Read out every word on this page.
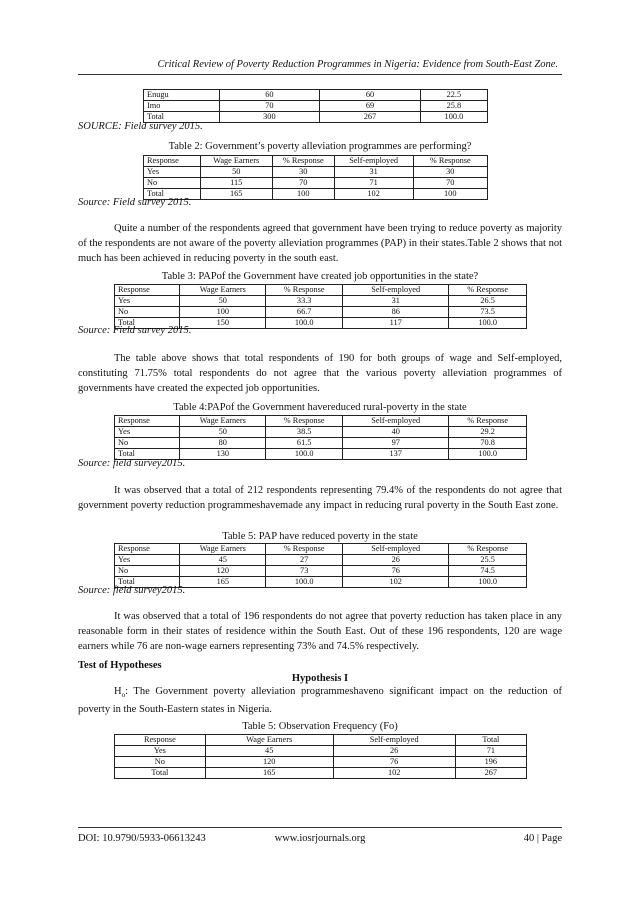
Critical Review of Poverty Reduction Programmes in Nigeria: Evidence from South-East Zone.
Enugu	60	60	22.5
Imo	70	69	25.8
Total	300	267	100.0
SOURCE: Field survey 2015.
Table 2: Government’s poverty alleviation programmes are performing?
Response	Wage Earners	% Response	Self-employed	% Response
Yes	50	30	31	30
No	115	70	71	70
Total	165	100	102	100
Source: Field survey 2015.
Quite a number of the respondents agreed that government have been trying to reduce poverty as majority of the respondents are not aware of the poverty alleviation programmes (PAP) in their states.Table 2 shows that not much has been achieved in reducing poverty in the south east.
Table 3: PAPof the Government have created job opportunities in the state?
Response	Wage Earners	% Response	Self-employed	% Response
Yes	50	33.3	31	26.5
No	100	66.7	86	73.5
Total	150	100.0	117	100.0
Source: Field survey 2015.
The table above shows that total respondents of 190 for both groups of wage and Self-employed, constituting 71.75% total respondents do not agree that the various poverty alleviation programmes of governments have created the expected job opportunities.
Table 4:PAPof the Government havereduced rural-poverty in the state
Response	Wage Earners	% Response	Self-employed	% Response
Yes	50	38.5	40	29.2
No	80	61.5	97	70.8
Total	130	100.0	137	100.0
Source: field survey2015.
It was observed that a total of 212 respondents representing 79.4% of the respondents do not agree that government poverty reduction programmeshavemade any impact in reducing rural poverty in the South East zone.
Table 5: PAP have reduced poverty in the state
Response	Wage Earners	% Response	Self-employed	% Response
Yes	45	27	26	25.5
No	120	73	76	74.5
Total	165	100.0	102	100.0
Source: field survey2015.
It was observed that a total of 196 respondents do not agree that poverty reduction has taken place in any reasonable form in their states of residence within the South East. Out of these 196 respondents, 120 are wage earners while 76 are non-wage earners representing 73% and 74.5% respectively.
Test of Hypotheses
Hypothesis I
$H_o$: The Government poverty alleviation programmeshaveno significant impact on the reduction of poverty in the South-Eastern states in Nigeria.
Table 5: Observation Frequency (Fo)
Response	Wage Earners	Self-employed	Total
Yes	45	26	71
No	120	76	196
Total	165	102	267
DOI: 10.9790/5933-06613243	www.iosrjournals.org	40 | Page
